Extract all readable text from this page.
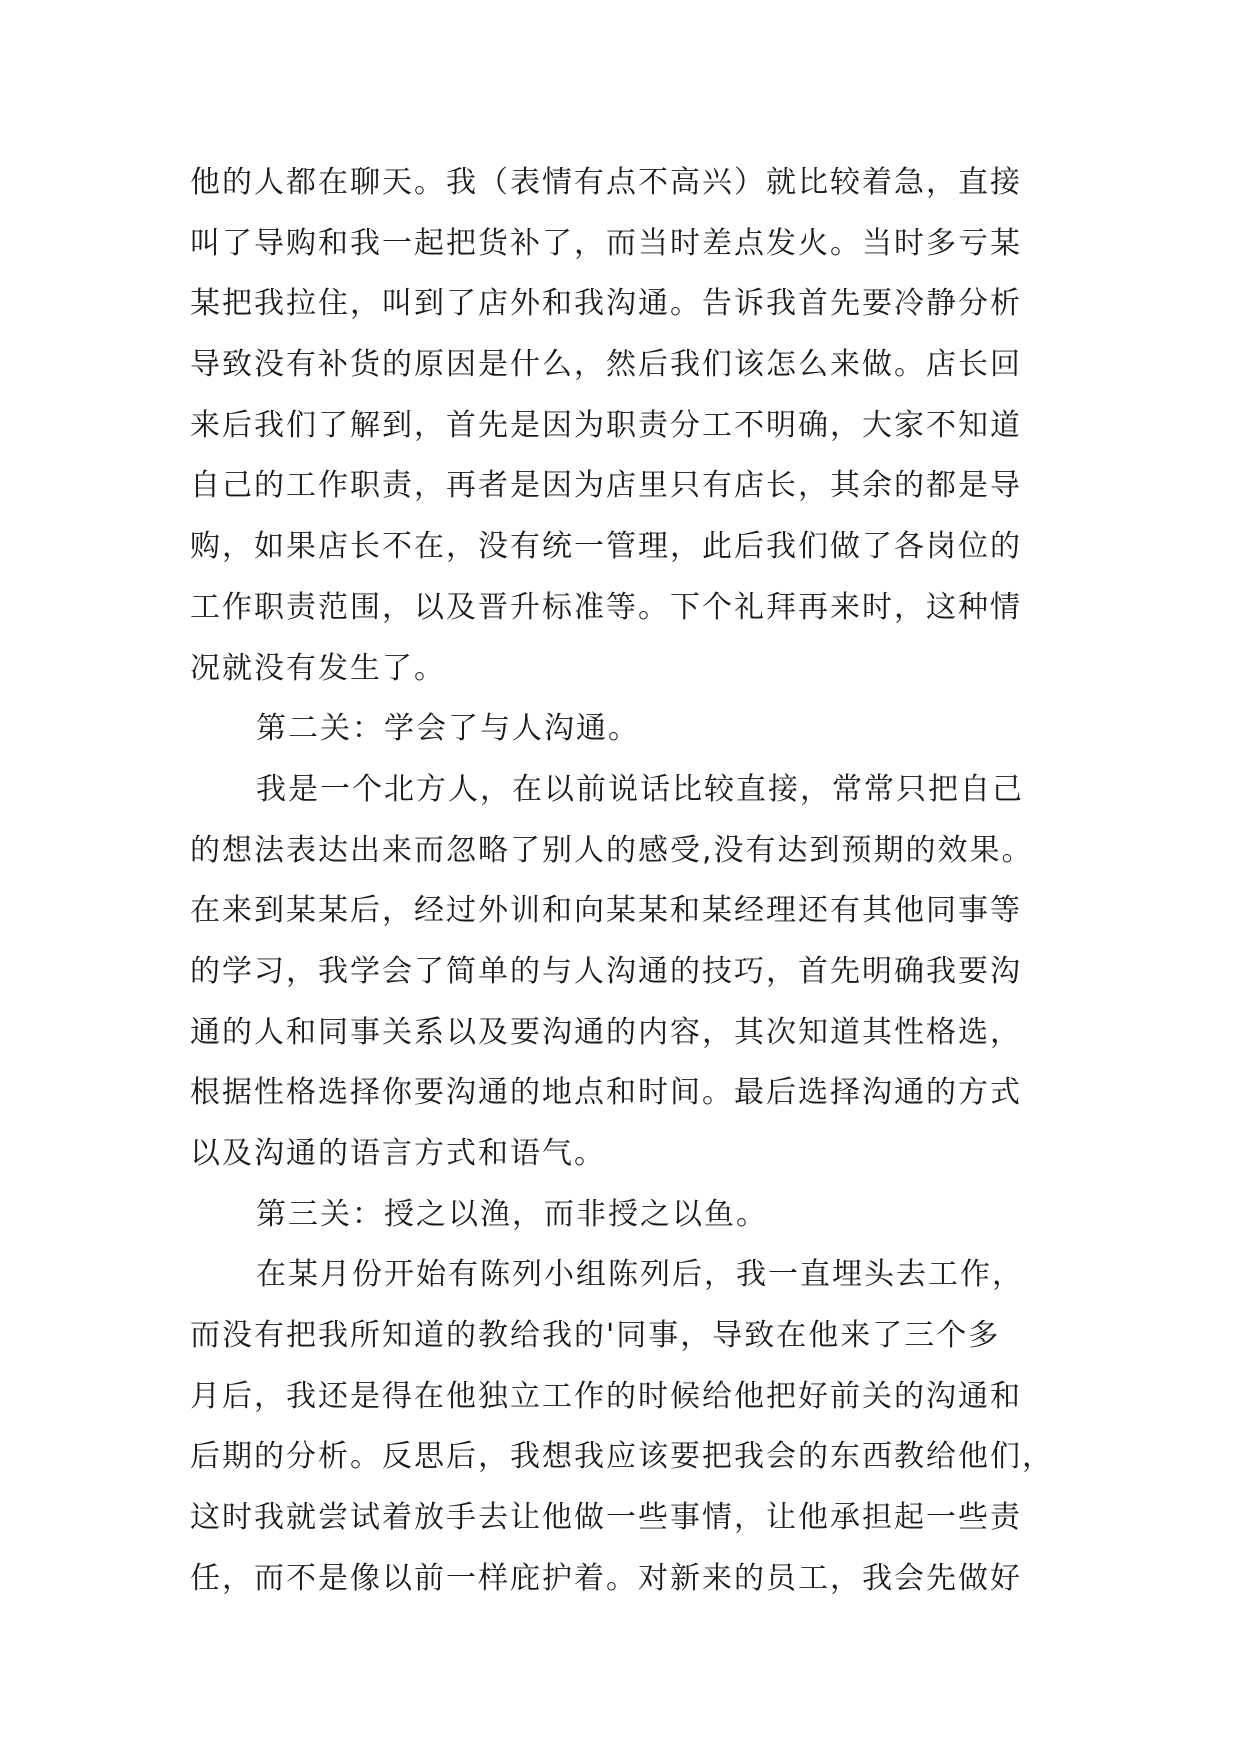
他的人都在聊天。我（表情有点不高兴）就比较着急，直接
叫了导购和我一起把货补了，而当时差点发火。当时多亏某
某把我拉住，叫到了店外和我沟通。告诉我首先要冷静分析
导致没有补货的原因是什么，然后我们该怎么来做。店长回
来后我们了解到，首先是因为职责分工不明确，大家不知道
自己的工作职责，再者是因为店里只有店长，其余的都是导
购，如果店长不在，没有统一管理，此后我们做了各岗位的
工作职责范围，以及晋升标准等。下个礼拜再来时，这种情
况就没有发生了。
第二关：学会了与人沟通。
我是一个北方人，在以前说话比较直接，常常只把自己
的想法表达出来而忽略了别人的感受,没有达到预期的效果。
在来到某某后，经过外训和向某某和某经理还有其他同事等
的学习，我学会了简单的与人沟通的技巧，首先明确我要沟
通的人和同事关系以及要沟通的内容，其次知道其性格选，
根据性格选择你要沟通的地点和时间。最后选择沟通的方式
以及沟通的语言方式和语气。
第三关：授之以渔，而非授之以鱼。
在某月份开始有陈列小组陈列后，我一直埋头去工作，
而没有把我所知道的教给我的'同事，导致在他来了三个多
月后，我还是得在他独立工作的时候给他把好前关的沟通和
后期的分析。反思后，我想我应该要把我会的东西教给他们，
这时我就尝试着放手去让他做一些事情，让他承担起一些责
任，而不是像以前一样庇护着。对新来的员工，我会先做好
